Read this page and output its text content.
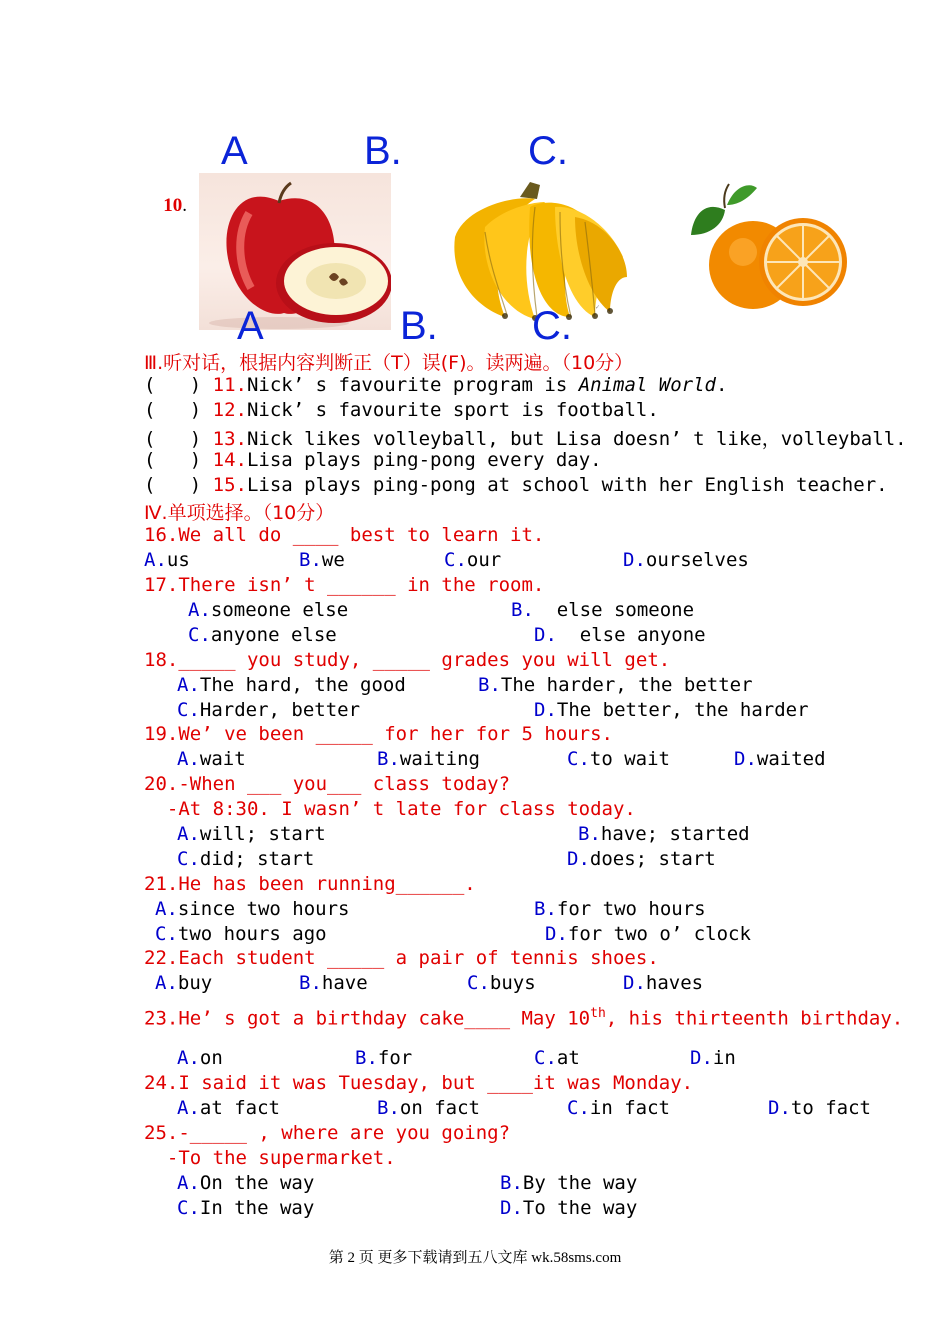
A	B.	C.

10.

✓
A	B. C.
Ⅲ.听对话，根据内容判断正（T）误(F)。读两遍。（10分）
(   ) 11.Nick’ s favourite program is Animal World.
(   ) 12.Nick’ s favourite sport is football.
(   ) 13.Nick likes volleyball, but Lisa doesn’ t like，volleyball.
(   ) 14.Lisa plays ping-pong every day.
(   ) 15.Lisa plays ping-pong at school with her English teacher.
Ⅳ.单项选择。（10分）
16.We all do ____ best to learn it.
A.us	B.we	C.our	D.ourselves
17.There isn’ t ______ in the room.
A.someone else	B.  else someone
C.anyone else	D.  else anyone
18._____ you study, _____ grades you will get.
A.The hard, the good	B.The harder, the better
C.Harder, better	D.The better, the harder
19.We’ ve been _____ for her for 5 hours.
A.wait	B.waiting	C.to wait	D.waited
20.-When ___ you___ class today?
-At 8:30. I wasn’ t late for class today.
A.will; start	B.have; started
C.did; start	D.does; start
21.He has been running______.
A.since two hours	B.for two hours
C.two hours ago	D.for two o’ clock
22.Each student _____ a pair of tennis shoes.
A.buy	B.have	C.buys	D.haves
23.He’ s got a birthday cake____ May 10th, his thirteenth birthday.
A.on	B.for	C.at	D.in
24.I said it was Tuesday, but ____it was Monday.
A.at fact	B.on fact	C.in fact	D.to fact
25.-_____ , where are you going?
-To the supermarket.
A.On the way	B.By the way
C.In the way	D.To the way
第 2 页 更多下载请到五八文库 wk.58sms.com
